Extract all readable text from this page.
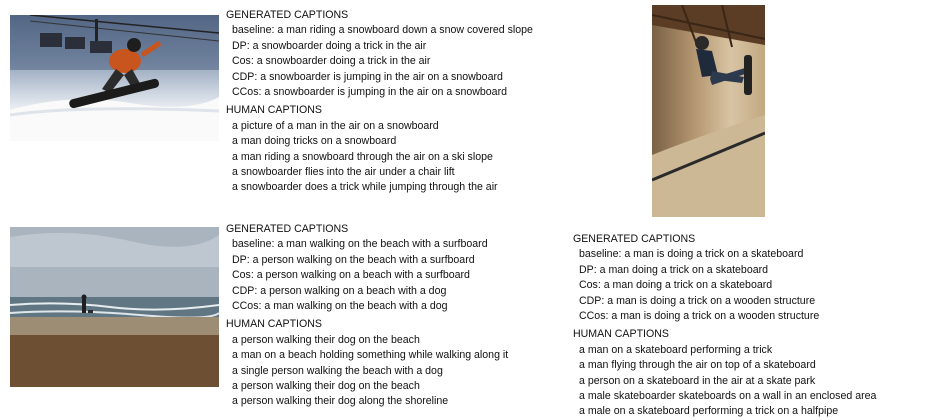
GENERATED CAPTIONS
baseline: a man riding a snowboard down a snow covered slope
DP: a snowboarder doing a trick in the air
Cos: a snowboarder doing a trick in the air
CDP: a snowboarder is jumping in the air on a snowboard
CCos: a snowboarder is jumping in the air on a snowboard
HUMAN CAPTIONS
a picture of a man in the air on a snowboard
a man doing tricks on a snowboard
a man riding a snowboard through the air on a ski slope
a snowboarder flies into the air under a chair lift
a snowboarder does a trick while jumping through the air
GENERATED CAPTIONS
baseline: a man walking on the beach with a surfboard
DP: a person walking on the beach with a surfboard
Cos: a person walking on a beach with a surfboard
CDP: a person walking on a beach with a dog
CCos: a man walking on the beach with a dog
HUMAN CAPTIONS
a person walking their dog on the beach
a man on a beach holding something while walking along it
a single person walking the beach with a dog
a person walking their dog on the beach
a person walking their dog along the shoreline
GENERATED CAPTIONS
baseline: a man is doing a trick on a skateboard
DP: a man doing a trick on a skateboard
Cos: a man doing a trick on a skateboard
CDP: a man is doing a trick on a wooden structure
CCos: a man is doing a trick on a wooden structure
HUMAN CAPTIONS
a man on a skateboard performing a trick
a man flying through the air on top of a skateboard
a person on a skateboard in the air at a skate park
a male skateboarder skateboards on a wall in an enclosed area
a male on a skateboard performing a trick on a halfpipe
